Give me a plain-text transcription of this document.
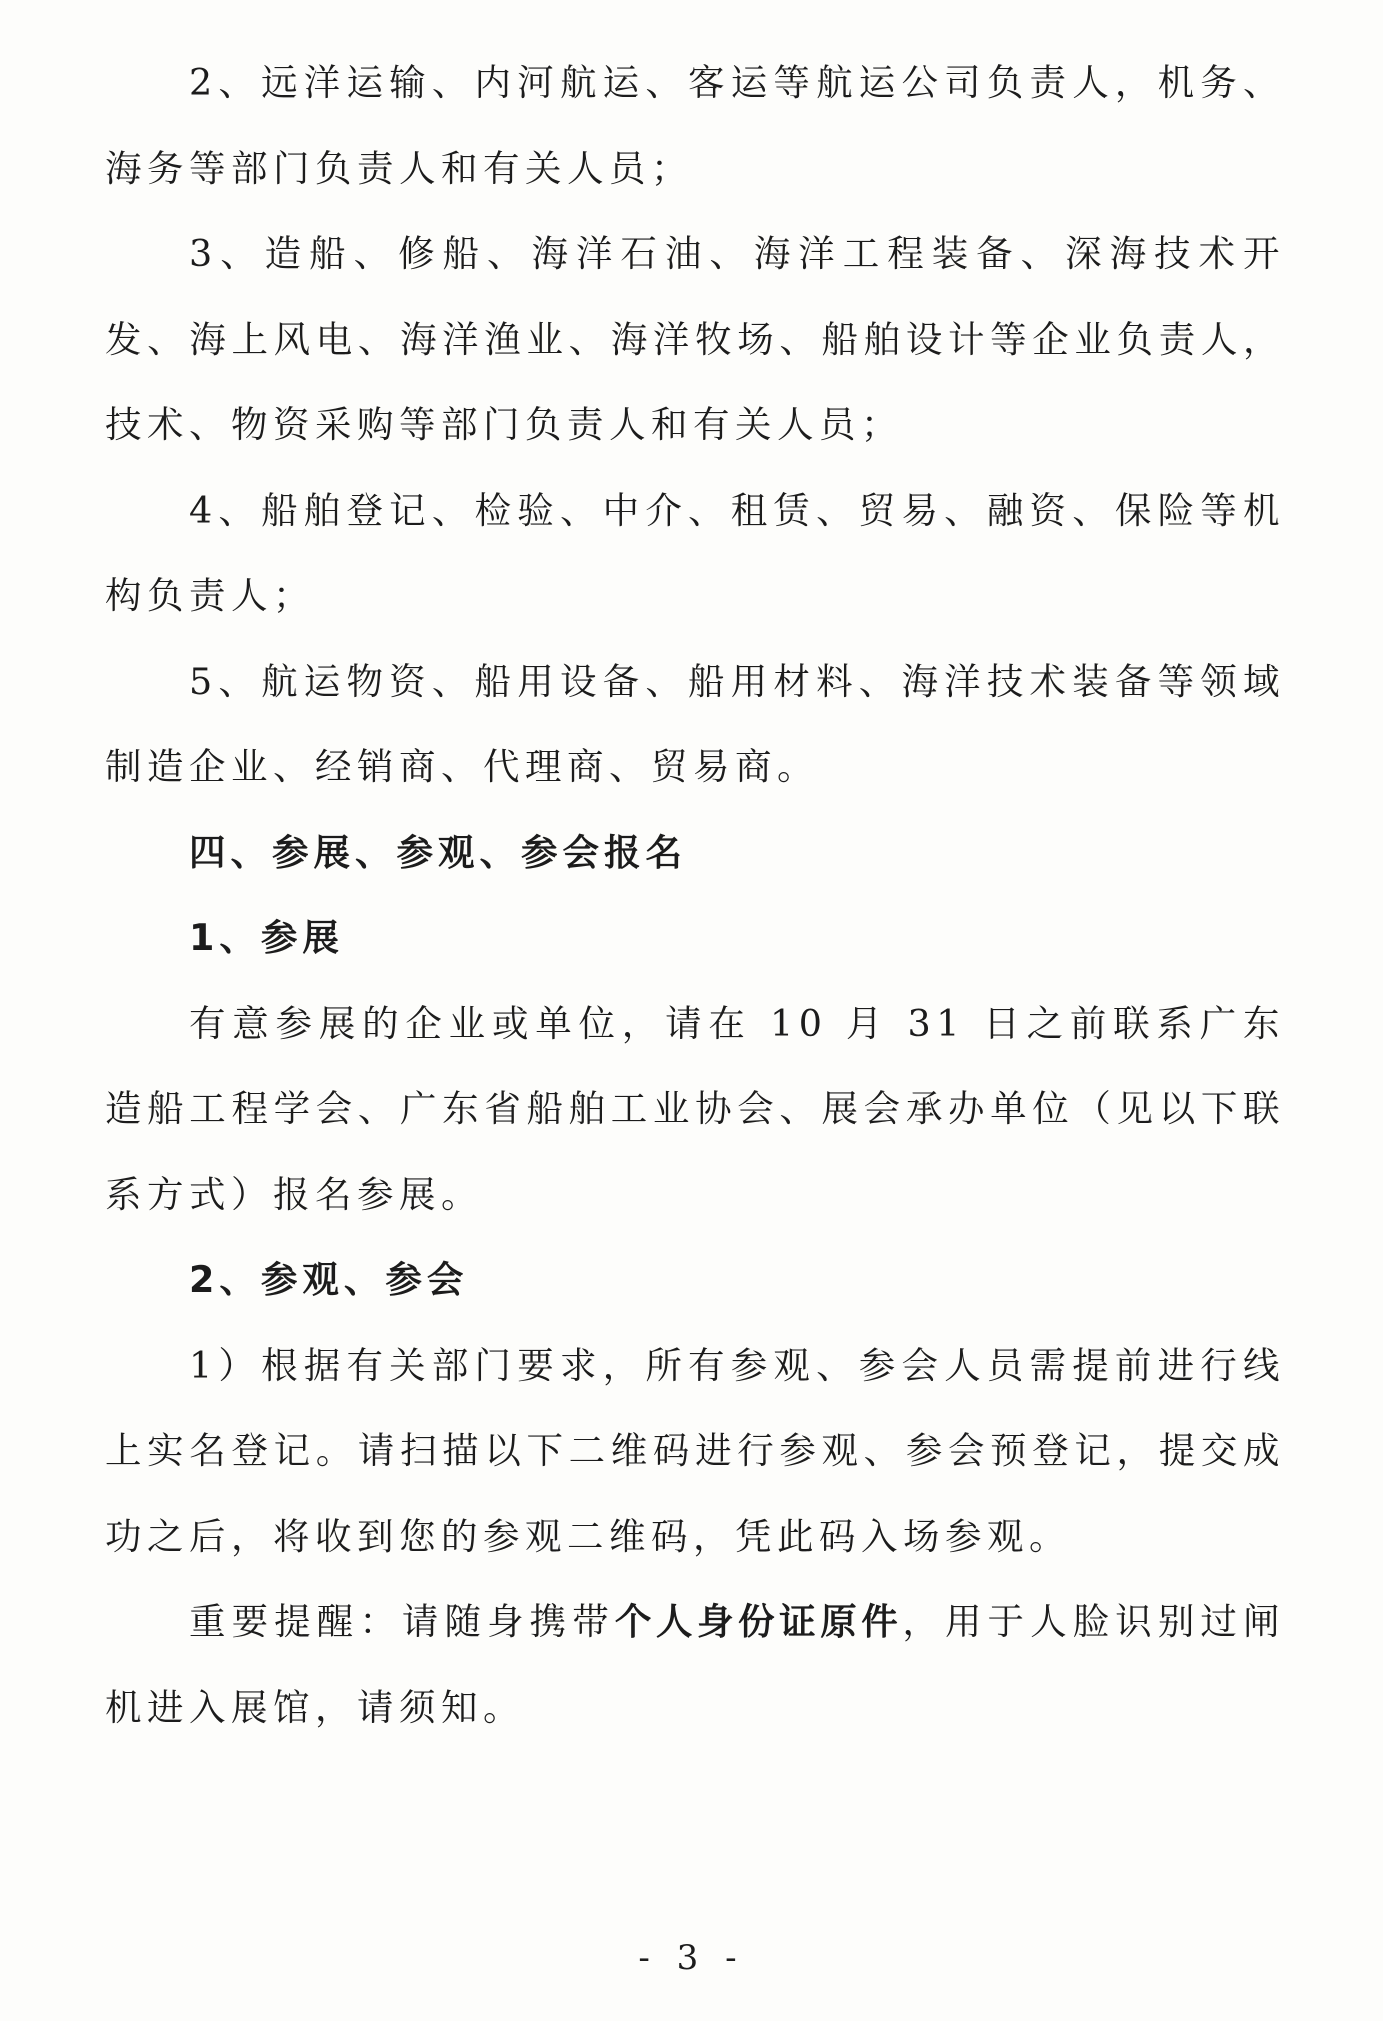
2、远洋运输、内河航运、客运等航运公司负责人，机务、海务等部门负责人和有关人员；

3、造船、修船、海洋石油、海洋工程装备、深海技术开发、海上风电、海洋渔业、海洋牧场、船舶设计等企业负责人，技术、物资采购等部门负责人和有关人员；

4、船舶登记、检验、中介、租赁、贸易、融资、保险等机构负责人；

5、航运物资、船用设备、船用材料、海洋技术装备等领域制造企业、经销商、代理商、贸易商。

四、参展、参观、参会报名

1、参展

有意参展的企业或单位，请在 10 月 31 日之前联系广东造船工程学会、广东省船舶工业协会、展会承办单位（见以下联系方式）报名参展。

2、参观、参会

1）根据有关部门要求，所有参观、参会人员需提前进行线上实名登记。请扫描以下二维码进行参观、参会预登记，提交成功之后，将收到您的参观二维码，凭此码入场参观。

重要提醒：请随身携带个人身份证原件，用于人脸识别过闸机进入展馆，请须知。

- 3 -
